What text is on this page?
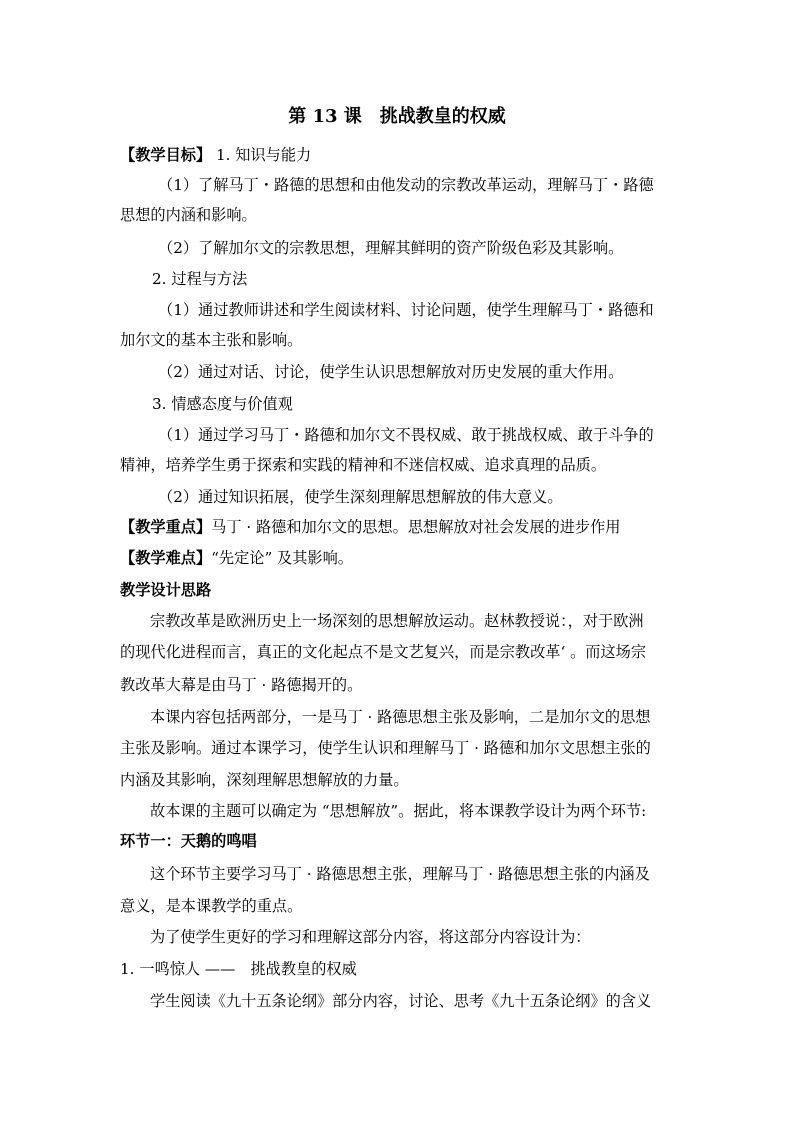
第 13 课　挑战教皇的权威
【教学目标】 1. 知识与能力
（1）了解马丁・路德的思想和由他发动的宗教改革运动，理解马丁・路德
思想的内涵和影响。
（2）了解加尔文的宗教思想，理解其鲜明的资产阶级色彩及其影响。
2. 过程与方法
（1）通过教师讲述和学生阅读材料、讨论问题，使学生理解马丁・路德和
加尔文的基本主张和影响。
（2）通过对话、讨论，使学生认识思想解放对历史发展的重大作用。
3. 情感态度与价值观
（1）通过学习马丁・路德和加尔文不畏权威、敢于挑战权威、敢于斗争的
精神，培养学生勇于探索和实践的精神和不迷信权威、追求真理的品质。
（2）通过知识拓展，使学生深刻理解思想解放的伟大意义。
【教学重点】马丁 · 路德和加尔文的思想。思想解放对社会发展的进步作用
【教学难点】“先定论” 及其影响。
教学设计思路
宗教改革是欧洲历史上一场深刻的思想解放运动。赵林教授说：，对于欧洲
的现代化进程而言，真正的文化起点不是文艺复兴，而是宗教改革‘ 。而这场宗
教改革大幕是由马丁 · 路德揭开的。
本课内容包括两部分，一是马丁 · 路德思想主张及影响，二是加尔文的思想
主张及影响。通过本课学习，使学生认识和理解马丁 · 路德和加尔文思想主张的
内涵及其影响，深刻理解思想解放的力量。
故本课的主题可以确定为 “思想解放”。据此，将本课教学设计为两个环节:
环节一：天鹅的鸣唱
这个环节主要学习马丁 · 路德思想主张，理解马丁 · 路德思想主张的内涵及
意义，是本课教学的重点。
为了使学生更好的学习和理解这部分内容，将这部分内容设计为：
1. 一鸣惊人 ——　挑战教皇的权威
学生阅读《九十五条论纲》部分内容，讨论、思考《九十五条论纲》的含义
